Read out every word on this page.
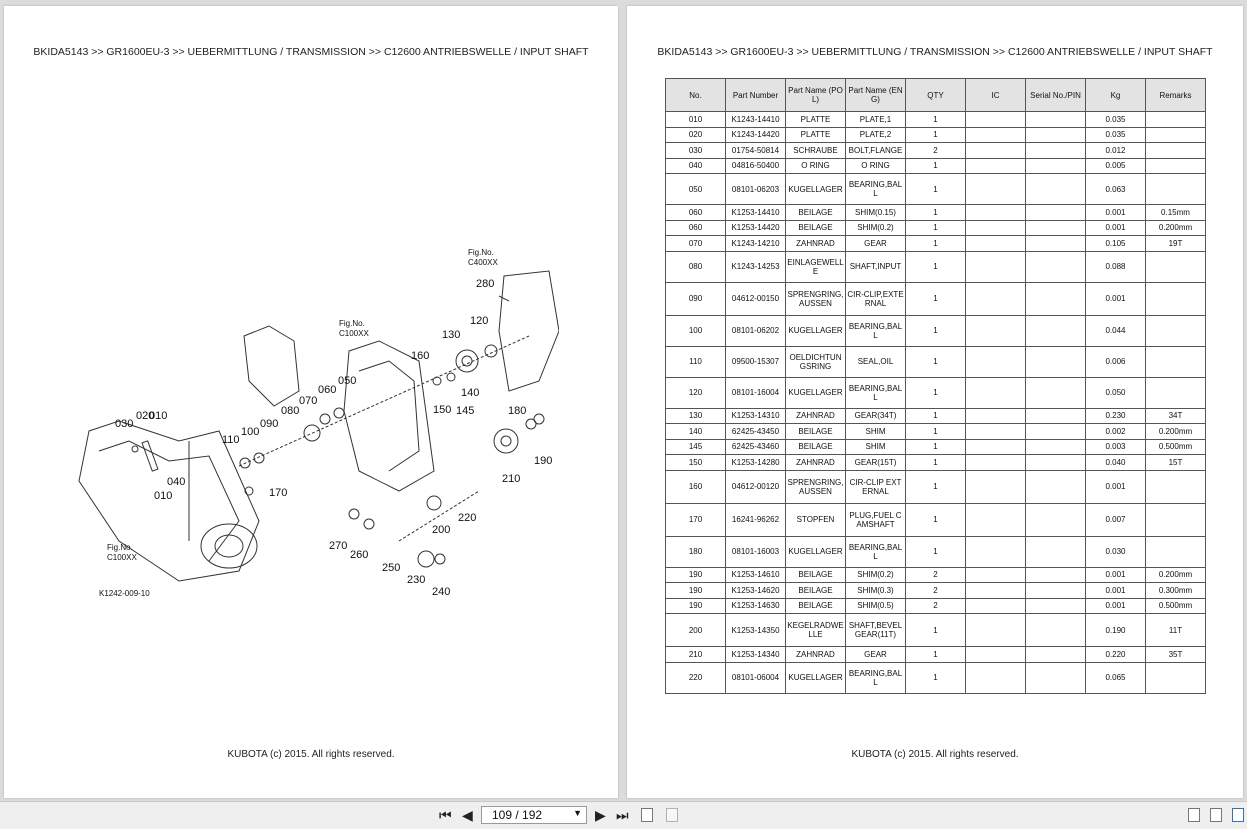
BKIDA5143 >> GR1600EU-3 >> UEBERMITTLUNG / TRANSMISSION >> C12600 ANTRIEBSWELLE / INPUT SHAFT
010
010
020
030
040
050
060
070
080
090
100
110
120
130
140
145
150
160
170
180
190
200
210
220
230
240
250
260
270
280
Fig.No.
C400XX
Fig.No.
C100XX
Fig.No.
C100XX
K1242-009-10
KUBOTA (c) 2015. All rights reserved.
BKIDA5143 >> GR1600EU-3 >> UEBERMITTLUNG / TRANSMISSION >> C12600 ANTRIEBSWELLE / INPUT SHAFT
No.	Part Number	Part Name (POL)	Part Name (ENG)	QTY	IC	Serial No./PIN	Kg	Remarks
010	K1243-14410	PLATTE	PLATE,1	1			0.035	
020	K1243-14420	PLATTE	PLATE,2	1			0.035	
030	01754-50814	SCHRAUBE	BOLT,FLANGE	2			0.012	
040	04816-50400	O RING	O RING	1			0.005	
050	08101-06203	KUGELLAGER	BEARING,BALL	1			0.063	
060	K1253-14410	BEILAGE	SHIM(0.15)	1			0.001	0.15mm
060	K1253-14420	BEILAGE	SHIM(0.2)	1			0.001	0.200mm
070	K1243-14210	ZAHNRAD	GEAR	1			0.105	19T
080	K1243-14253	EINLAGEWELLE	SHAFT,INPUT	1			0.088	
090	04612-00150	SPRENGRING,AUSSEN	CIR-CLIP,EXTERNAL	1			0.001	
100	08101-06202	KUGELLAGER	BEARING,BALL	1			0.044	
110	09500-15307	OELDICHTUNGSRING	SEAL,OIL	1			0.006	
120	08101-16004	KUGELLAGER	BEARING,BALL	1			0.050	
130	K1253-14310	ZAHNRAD	GEAR(34T)	1			0.230	34T
140	62425-43450	BEILAGE	SHIM	1			0.002	0.200mm
145	62425-43460	BEILAGE	SHIM	1			0.003	0.500mm
150	K1253-14280	ZAHNRAD	GEAR(15T)	1			0.040	15T
160	04612-00120	SPRENGRING,AUSSEN	CIR-CLIP EXTERNAL	1			0.001	
170	16241-96262	STOPFEN	PLUG,FUEL CAMSHAFT	1			0.007	
180	08101-16003	KUGELLAGER	BEARING,BALL	1			0.030	
190	K1253-14610	BEILAGE	SHIM(0.2)	2			0.001	0.200mm
190	K1253-14620	BEILAGE	SHIM(0.3)	2			0.001	0.300mm
190	K1253-14630	BEILAGE	SHIM(0.5)	2			0.001	0.500mm
200	K1253-14350	KEGELRADWELLE	SHAFT,BEVEL GEAR(11T)	1			0.190	11T
210	K1253-14340	ZAHNRAD	GEAR	1			0.220	35T
220	08101-06004	KUGELLAGER	BEARING,BALL	1			0.065	
KUBOTA (c) 2015. All rights reserved.
⏮ ◀ 109 / 192	▼ ▶ ⏭
